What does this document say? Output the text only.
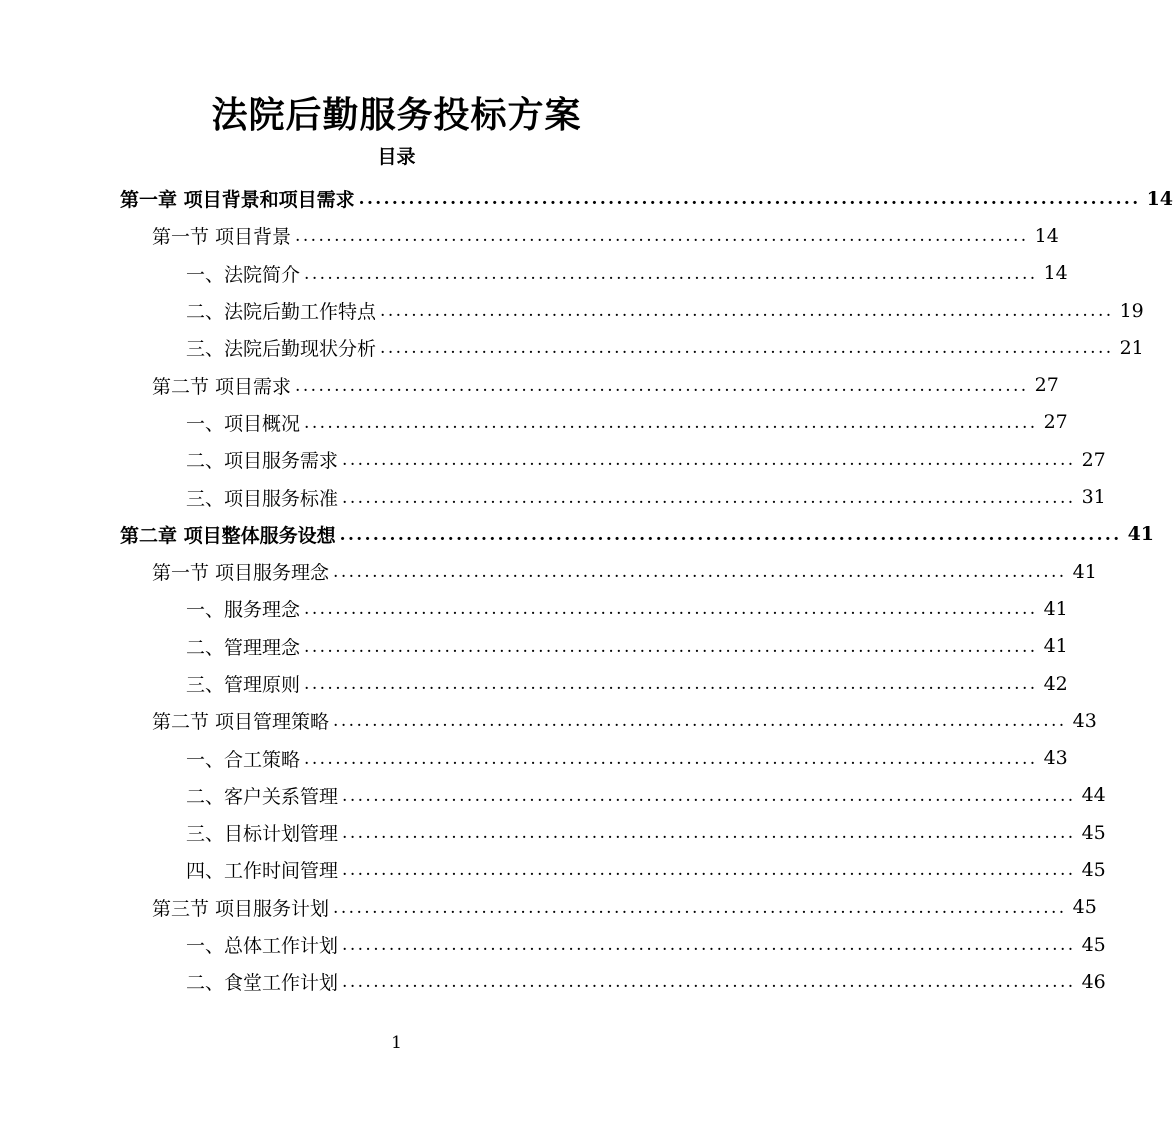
法院后勤服务投标方案
目录
第一章 项目背景和项目需求 .............................................................................................. 14
第一节 项目背景 .............................................................................................. 14
一、法院简介 .............................................................................................. 14
二、法院后勤工作特点 .............................................................................................. 19
三、法院后勤现状分析 .............................................................................................. 21
第二节 项目需求 .............................................................................................. 27
一、项目概况 .............................................................................................. 27
二、项目服务需求 .............................................................................................. 27
三、项目服务标准 .............................................................................................. 31
第二章 项目整体服务设想 .............................................................................................. 41
第一节 项目服务理念 .............................................................................................. 41
一、服务理念 .............................................................................................. 41
二、管理理念 .............................................................................................. 41
三、管理原则 .............................................................................................. 42
第二节 项目管理策略 .............................................................................................. 43
一、合工策略 .............................................................................................. 43
二、客户关系管理 .............................................................................................. 44
三、目标计划管理 .............................................................................................. 45
四、工作时间管理 .............................................................................................. 45
第三节 项目服务计划 .............................................................................................. 45
一、总体工作计划 .............................................................................................. 45
二、食堂工作计划 .............................................................................................. 46
1
